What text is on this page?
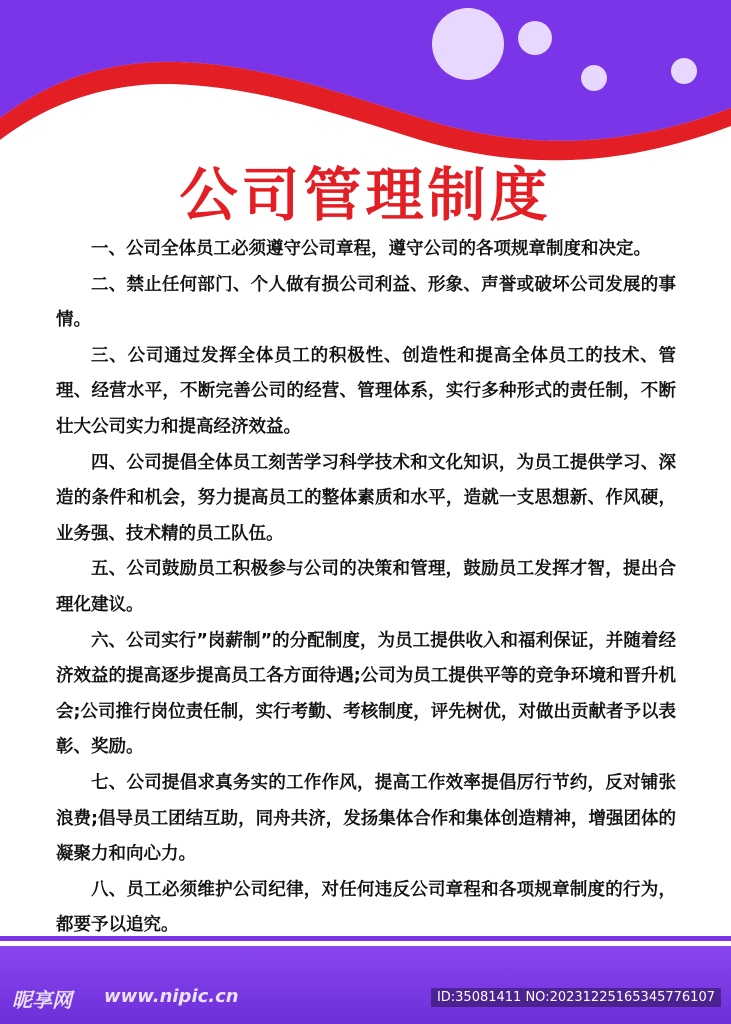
公司管理制度

一、公司全体员工必须遵守公司章程，遵守公司的各项规章制度和决定。

二、禁止任何部门、个人做有损公司利益、形象、声誉或破坏公司发展的事情。

三、公司通过发挥全体员工的积极性、创造性和提高全体员工的技术、管理、经营水平，不断完善公司的经营、管理体系，实行多种形式的责任制，不断壮大公司实力和提高经济效益。

四、公司提倡全体员工刻苦学习科学技术和文化知识，为员工提供学习、深造的条件和机会，努力提高员工的整体素质和水平，造就一支思想新、作风硬，业务强、技术精的员工队伍。

五、公司鼓励员工积极参与公司的决策和管理，鼓励员工发挥才智，提出合理化建议。

六、公司实行”岗薪制”的分配制度，为员工提供收入和福利保证，并随着经济效益的提高逐步提高员工各方面待遇;公司为员工提供平等的竞争环境和晋升机会;公司推行岗位责任制，实行考勤、考核制度，评先树优，对做出贡献者予以表彰、奖励。

七、公司提倡求真务实的工作作风，提高工作效率提倡厉行节约，反对铺张浪费;倡导员工团结互助，同舟共济，发扬集体合作和集体创造精神，增强团体的凝聚力和向心力。

八、员工必须维护公司纪律，对任何违反公司章程和各项规章制度的行为，都要予以追究。

昵享网 www.nipic.cn	ID:35081411 NO:20231225165345776107
